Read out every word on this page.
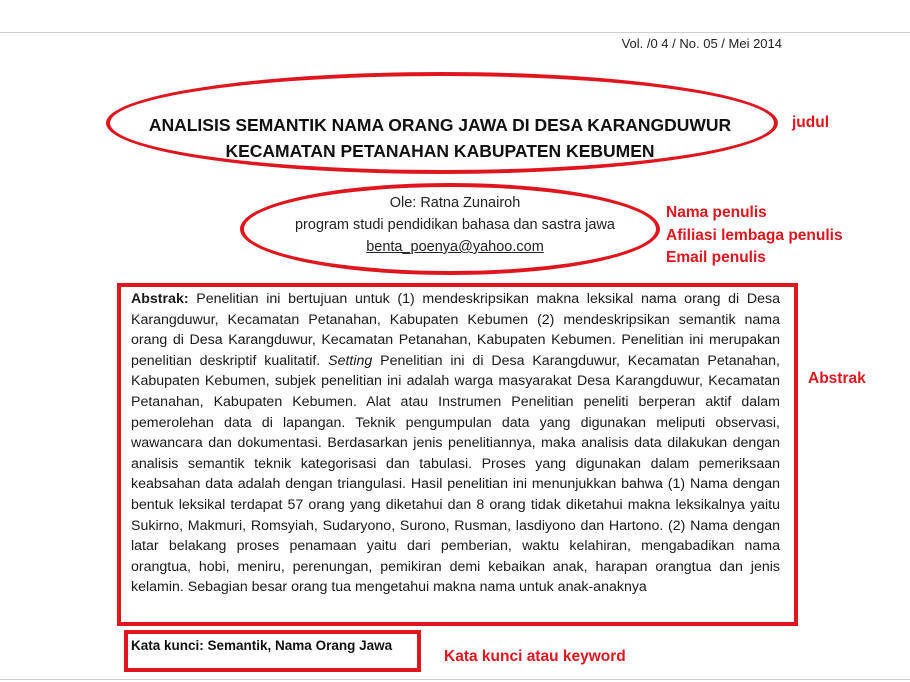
Vol. /0 4 / No. 05 / Mei 2014
ANALISIS SEMANTIK NAMA ORANG JAWA DI DESA KARANGDUWUR
KECAMATAN PETANAHAN KABUPATEN KEBUMEN
Ole: Ratna Zunairoh
program studi pendidikan bahasa dan sastra jawa
benta_poenya@yahoo.com
Abstrak: Penelitian ini bertujuan untuk (1) mendeskripsikan makna leksikal nama orang di Desa Karangduwur, Kecamatan Petanahan, Kabupaten Kebumen (2) mendeskripsikan semantik nama orang di Desa Karangduwur, Kecamatan Petanahan, Kabupaten Kebumen. Penelitian ini merupakan penelitian deskriptif kualitatif. Setting Penelitian ini di Desa Karangduwur, Kecamatan Petanahan, Kabupaten Kebumen, subjek penelitian ini adalah warga masyarakat Desa Karangduwur, Kecamatan Petanahan, Kabupaten Kebumen. Alat atau Instrumen Penelitian peneliti berperan aktif dalam pemerolehan data di lapangan. Teknik pengumpulan data yang digunakan meliputi observasi, wawancara dan dokumentasi. Berdasarkan jenis penelitiannya, maka analisis data dilakukan dengan analisis semantik teknik kategorisasi dan tabulasi. Proses yang digunakan dalam pemeriksaan keabsahan data adalah dengan triangulasi. Hasil penelitian ini menunjukkan bahwa (1) Nama dengan bentuk leksikal terdapat 57 orang yang diketahui dan 8 orang tidak diketahui makna leksikalnya yaitu Sukirno, Makmuri, Romsyiah, Sudaryono, Surono, Rusman, lasdiyono dan Hartono. (2) Nama dengan latar belakang proses penamaan yaitu dari pemberian, waktu kelahiran, mengabadikan nama orangtua, hobi, meniru, perenungan, pemikiran demi kebaikan anak, harapan orangtua dan jenis kelamin. Sebagian besar orang tua mengetahui makna nama untuk anak-anaknya
Kata kunci: Semantik, Nama Orang Jawa
judul
Nama penulis
Afiliasi lembaga penulis
Email penulis
Abstrak
Kata kunci atau keyword
